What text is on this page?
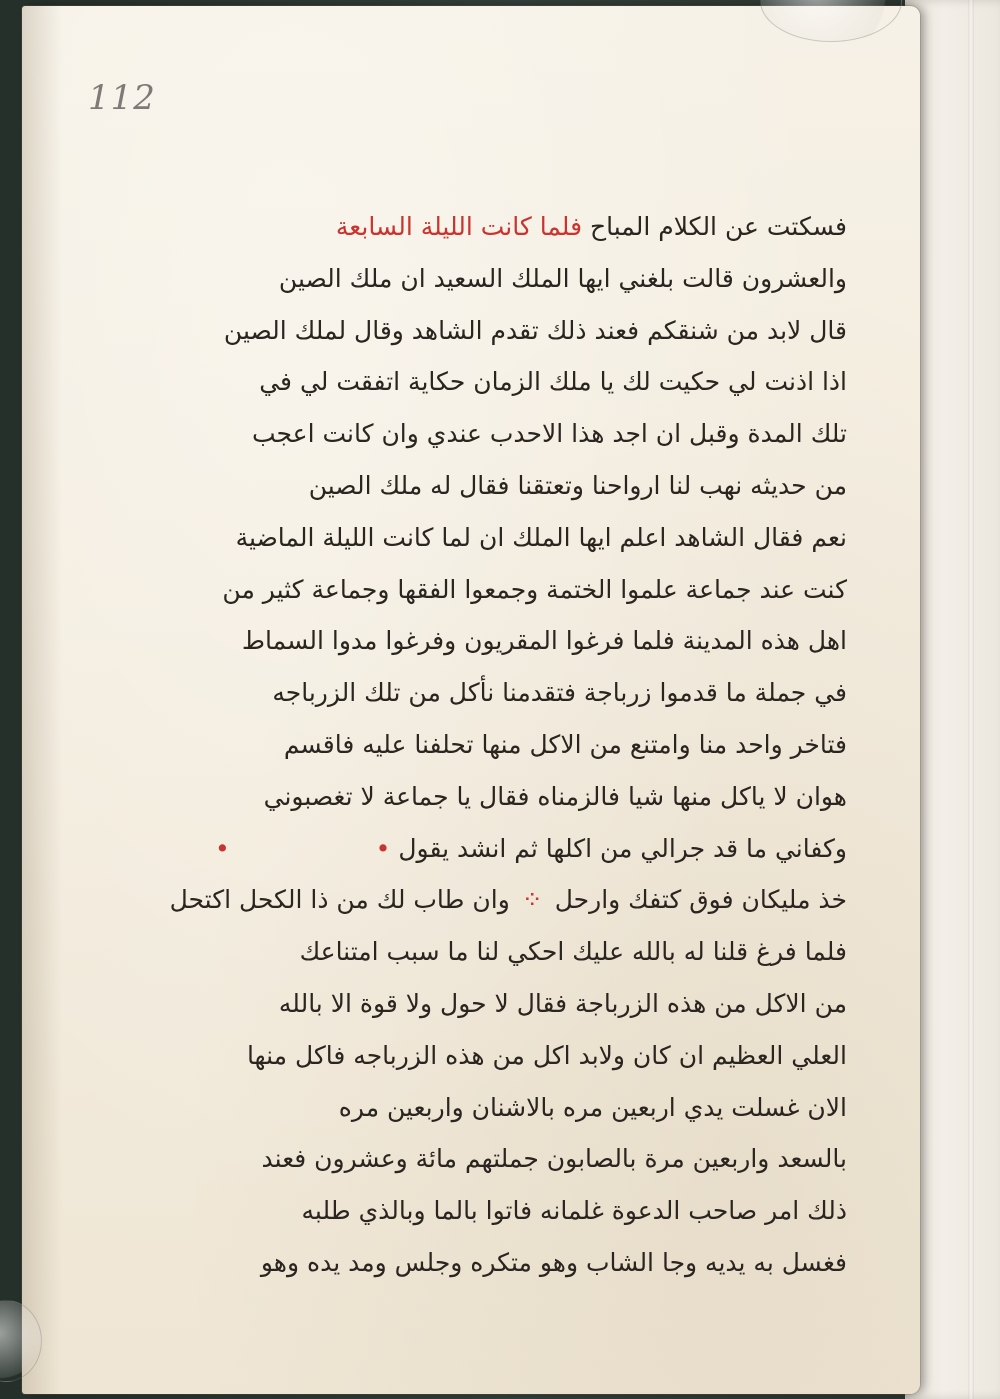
112
فسكتت عن الكلام المباح فلما كانت الليلة السابعة
والعشرون قالت بلغني ايها الملك السعيد ان ملك الصين
قال لابد من شنقكم فعند ذلك تقدم الشاهد وقال لملك الصين
اذا اذنت لي حكيت لك يا ملك الزمان حكاية اتفقت لي في
تلك المدة وقبل ان اجد هذا الاحدب عندي وان كانت اعجب
من حديثه نهب لنا ارواحنا وتعتقنا فقال له ملك الصين
نعم فقال الشاهد اعلم ايها الملك ان لما كانت الليلة الماضية
كنت عند جماعة علموا الختمة وجمعوا الفقها وجماعة كثير من
اهل هذه المدينة فلما فرغوا المقريون وفرغوا مدوا السماط
في جملة ما قدموا زرباجة فتقدمنا نأكل من تلك الزرباجه
فتاخر واحد منا وامتنع من الاكل منها تحلفنا عليه فاقسم
هوان لا ياكل منها شيا فالزمناه فقال يا جماعة لا تغصبوني
وكفاني ما قد جرالي من اكلها ثم انشد يقول •  •
خذ مليكان فوق كتفك وارحل
⁘
وان طاب لك من ذا الكحل اكتحل
فلما فرغ قلنا له بالله عليك احكي لنا ما سبب امتناعك
من الاكل من هذه الزرباجة فقال لا حول ولا قوة الا بالله
العلي العظيم ان كان ولابد اكل من هذه الزرباجه فاكل منها
الان غسلت يدي اربعين مره بالاشنان واربعين مره
بالسعد واربعين مرة بالصابون جملتهم مائة وعشرون فعند
ذلك امر صاحب الدعوة غلمانه فاتوا بالما وبالذي طلبه
فغسل به يديه وجا الشاب وهو متكره وجلس ومد يده وهو
